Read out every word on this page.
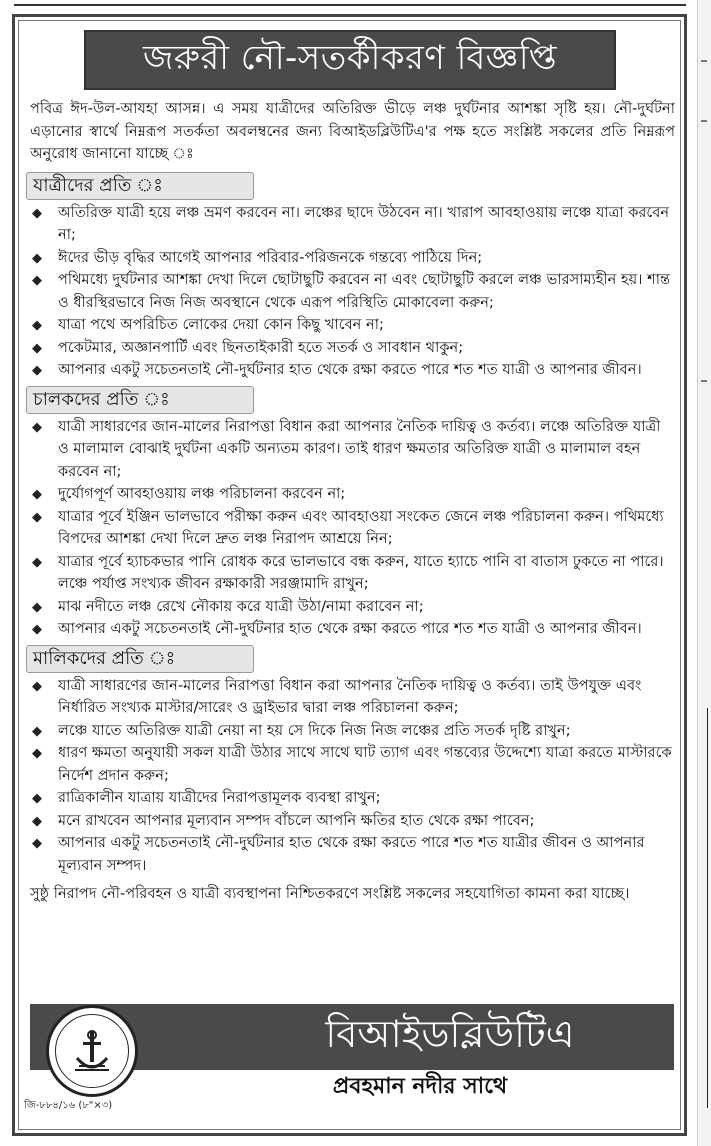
জরুরী নৌ-সতর্কীকরণ বিজ্ঞপ্তি

পবিত্র ঈদ-উল-আযহা আসন্ন। এ সময় যাত্রীদের অতিরিক্ত ভীড়ে লঞ্চ দুর্ঘটনার আশঙ্কা সৃষ্টি হয়। নৌ-দুর্ঘটনা এড়ানোর স্বার্থে নিম্নরূপ সতর্কতা অবলম্বনের জন্য বিআইডব্লিউটিএ'র পক্ষ হতে সংশ্লিষ্ট সকলের প্রতি নিম্নরূপ অনুরোধ জানানো যাচ্ছে ঃ

যাত্রীদের প্রতি ঃ
◆ অতিরিক্ত যাত্রী হয়ে লঞ্চ ভ্রমণ করবেন না। লঞ্চের ছাদে উঠবেন না। খারাপ আবহাওয়ায় লঞ্চে যাত্রা করবেন না;
◆ ঈদের ভীড় বৃদ্ধির আগেই আপনার পরিবার-পরিজনকে গন্তব্যে পাঠিয়ে দিন;
◆ পথিমধ্যে দুর্ঘটনার আশঙ্কা দেখা দিলে ছোটাছুটি করবেন না এবং ছোটাছুটি করলে লঞ্চ ভারসাম্যহীন হয়। শান্ত ও ধীরস্থিরভাবে নিজ নিজ অবস্থানে থেকে এরূপ পরিস্থিতি মোকাবেলা করুন;
◆ যাত্রা পথে অপরিচিত লোকের দেয়া কোন কিছু খাবেন না;
◆ পকেটমার, অজ্ঞানপার্টি এবং ছিনতাইকারী হতে সতর্ক ও সাবধান থাকুন;
◆ আপনার একটু সচেতনতাই নৌ-দুর্ঘটনার হাত থেকে রক্ষা করতে পারে শত শত যাত্রী ও আপনার জীবন।
চালকদের প্রতি ঃ
◆ যাত্রী সাধারণের জান-মালের নিরাপত্তা বিধান করা আপনার নৈতিক দায়িত্ব ও কর্তব্য। লঞ্চে অতিরিক্ত যাত্রী ও মালামাল বোঝাই দুর্ঘটনা একটি অন্যতম কারণ। তাই ধারণ ক্ষমতার অতিরিক্ত যাত্রী ও মালামাল বহন করবেন না;
◆ দুর্যোগপূর্ণ আবহাওয়ায় লঞ্চ পরিচালনা করবেন না;
◆ যাত্রার পূর্বে ইঞ্জিন ভালভাবে পরীক্ষা করুন এবং আবহাওয়া সংকেত জেনে লঞ্চ পরিচালনা করুন। পথিমধ্যে বিপদের আশঙ্কা দেখা দিলে দ্রুত লঞ্চ নিরাপদ আশ্রয়ে নিন;
◆ যাত্রার পূর্বে হ্যাচকভার পানি রোধক করে ভালভাবে বন্ধ করুন, যাতে হ্যাচে পানি বা বাতাস ঢুকতে না পারে। লঞ্চে পর্যাপ্ত সংখ্যক জীবন রক্ষাকারী সরঞ্জামাদি রাখুন;
◆ মাঝ নদীতে লঞ্চ রেখে নৌকায় করে যাত্রী উঠা/নামা করাবেন না;
◆ আপনার একটু সচেতনতাই নৌ-দুর্ঘটনার হাত থেকে রক্ষা করতে পারে শত শত যাত্রী ও আপনার জীবন।
মালিকদের প্রতি ঃ
◆ যাত্রী সাধারণের জান-মালের নিরাপত্তা বিধান করা আপনার নৈতিক দায়িত্ব ও কর্তব্য। তাই উপযুক্ত এবং নির্ধারিত সংখ্যক মাস্টার/সারেং ও ড্রাইভার দ্বারা লঞ্চ পরিচালনা করুন;
◆ লঞ্চে যাতে অতিরিক্ত যাত্রী নেয়া না হয় সে দিকে নিজ নিজ লঞ্চের প্রতি সতর্ক দৃষ্টি রাখুন;
◆ ধারণ ক্ষমতা অনুযায়ী সকল যাত্রী উঠার সাথে সাথে ঘাট ত্যাগ এবং গন্তব্যের উদ্দেশ্যে যাত্রা করতে মাস্টারকে নির্দেশ প্রদান করুন;
◆ রাত্রিকালীন যাত্রায় যাত্রীদের নিরাপত্তামূলক ব্যবস্থা রাখুন;
◆ মনে রাখবেন আপনার মূল্যবান সম্পদ বাঁচলে আপনি ক্ষতির হাত থেকে রক্ষা পাবেন;
◆ আপনার একটু সচেতনতাই নৌ-দুর্ঘটনার হাত থেকে রক্ষা করতে পারে শত শত যাত্রীর জীবন ও আপনার মূল্যবান সম্পদ।

সুষ্ঠু নিরাপদ নৌ-পরিবহন ও যাত্রী ব্যবস্থাপনা নিশ্চিতকরণে সংশ্লিষ্ট সকলের সহযোগিতা কামনা করা যাচ্ছে।

বিআইডব্লিউটিএ
প্রবহমান নদীর সাথে
জি-৮৮৪/১৬ (৮"×৩)
